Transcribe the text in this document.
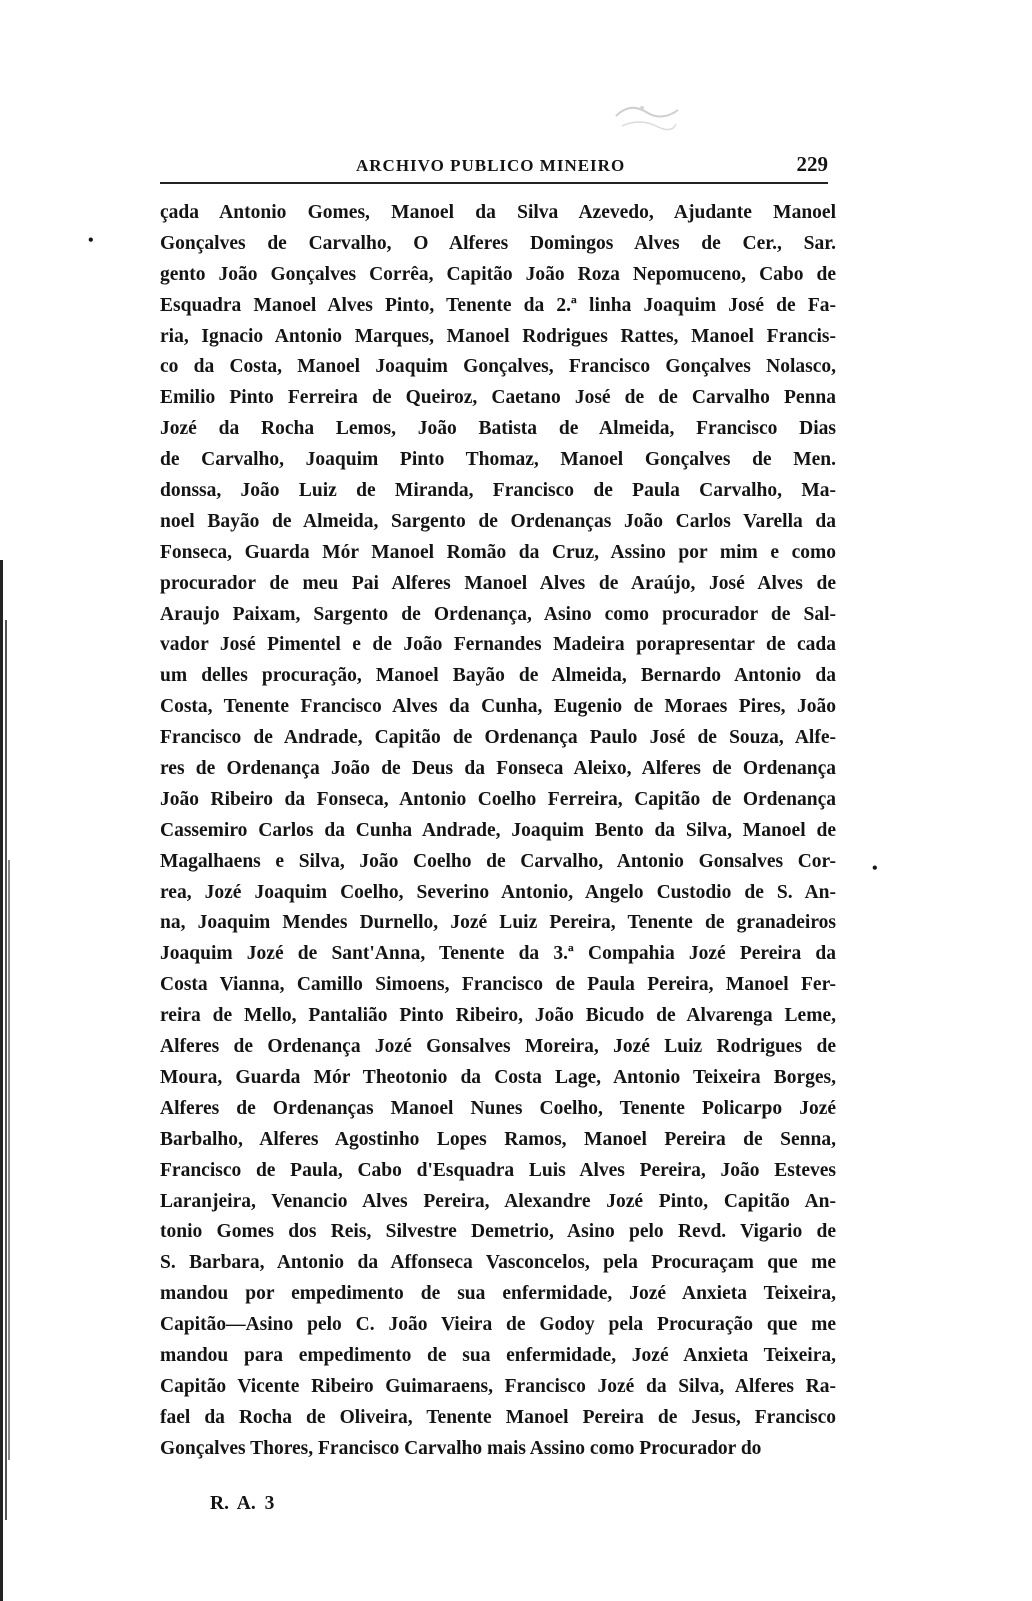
ARCHIVO PUBLICO MINEIRO	229
•
•
çada Antonio Gomes, Manoel da Silva Azevedo, Ajudante Manoel
Gonçalves de Carvalho, O Alferes Domingos Alves de Cer., Sar.
gento João Gonçalves Corrêa, Capitão João Roza Nepomuceno, Cabo de
Esquadra Manoel Alves Pinto, Tenente da 2.ª linha Joaquim José de Fa-
ria, Ignacio Antonio Marques, Manoel Rodrigues Rattes, Manoel Francis-
co da Costa, Manoel Joaquim Gonçalves, Francisco Gonçalves Nolasco,
Emilio Pinto Ferreira de Queiroz, Caetano José de de Carvalho Penna
Jozé da Rocha Lemos, João Batista de Almeida, Francisco Dias
de Carvalho, Joaquim Pinto Thomaz, Manoel Gonçalves de Men.
donssa, João Luiz de Miranda, Francisco de Paula Carvalho, Ma-
noel Bayão de Almeida, Sargento de Ordenanças João Carlos Varella da
Fonseca, Guarda Mór Manoel Romão da Cruz, Assino por mim e como
procurador de meu Pai Alferes Manoel Alves de Araújo, José Alves de
Araujo Paixam, Sargento de Ordenança, Asino como procurador de Sal-
vador José Pimentel e de João Fernandes Madeira porapresentar de cada
um delles procuração, Manoel Bayão de Almeida, Bernardo Antonio da
Costa, Tenente Francisco Alves da Cunha, Eugenio de Moraes Pires, João
Francisco de Andrade, Capitão de Ordenança Paulo José de Souza, Alfe-
res de Ordenança João de Deus da Fonseca Aleixo, Alferes de Ordenança
João Ribeiro da Fonseca, Antonio Coelho Ferreira, Capitão de Ordenança
Cassemiro Carlos da Cunha Andrade, Joaquim Bento da Silva, Manoel de
Magalhaens e Silva, João Coelho de Carvalho, Antonio Gonsalves Cor-
rea, Jozé Joaquim Coelho, Severino Antonio, Angelo Custodio de S. An-
na, Joaquim Mendes Durnello, Jozé Luiz Pereira, Tenente de granadeiros
Joaquim Jozé de Sant'Anna, Tenente da 3.ª Compahia Jozé Pereira da
Costa Vianna, Camillo Simoens, Francisco de Paula Pereira, Manoel Fer-
reira de Mello, Pantalião Pinto Ribeiro, João Bicudo de Alvarenga Leme,
Alferes de Ordenança Jozé Gonsalves Moreira, Jozé Luiz Rodrigues de
Moura, Guarda Mór Theotonio da Costa Lage, Antonio Teixeira Borges,
Alferes de Ordenanças Manoel Nunes Coelho, Tenente Policarpo Jozé
Barbalho, Alferes Agostinho Lopes Ramos, Manoel Pereira de Senna,
Francisco de Paula, Cabo d'Esquadra Luis Alves Pereira, João Esteves
Laranjeira, Venancio Alves Pereira, Alexandre Jozé Pinto, Capitão An-
tonio Gomes dos Reis, Silvestre Demetrio, Asino pelo Revd. Vigario de
S. Barbara, Antonio da Affonseca Vasconcelos, pela Procuraçam que me
mandou por empedimento de sua enfermidade, Jozé Anxieta Teixeira,
Capitão—Asino pelo C. João Vieira de Godoy pela Procuração que me
mandou para empedimento de sua enfermidade, Jozé Anxieta Teixeira,
Capitão Vicente Ribeiro Guimaraens, Francisco Jozé da Silva, Alferes Ra-
fael da Rocha de Oliveira, Tenente Manoel Pereira de Jesus, Francisco
Gonçalves Thores, Francisco Carvalho mais Assino como Procurador do
R. A. 3
